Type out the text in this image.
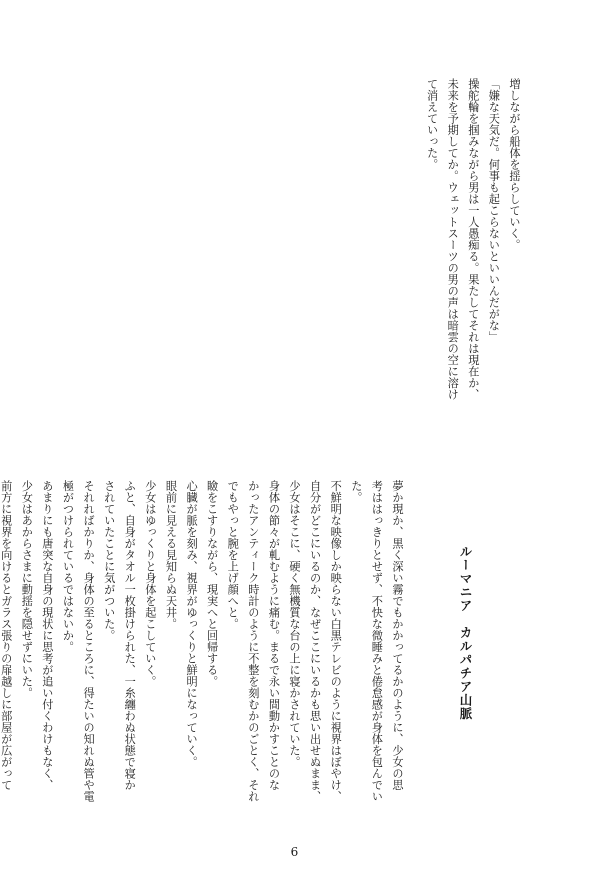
増しながら船体を揺らしていく。
「嫌な天気だ。何事も起こらないといいんだがな」
操舵輪を掴みながら男は一人愚痴る。果たしてそれは現在か、
未来を予期してか。ウェットスーツの男の声は暗雲の空に溶け
て消えていった。
ルーマニア　カルパチア山脈
夢か現か、黒く深い霧でもかかってるかのように、少女の思
考ははっきりとせず、不快な微睡みと倦怠感が身体を包んでい
た。
不鮮明な映像しか映らない白黒テレビのように視界はぼやけ、
自分がどこにいるのか、なぜここにいるかも思い出せぬまま、
少女はそこに、硬く無機質な台の上に寝かされていた。
身体の節々が軋むように痛む。まるで永い間動かすことのな
かったアンティーク時計のように不整を刻むかのごとく、それ
でもやっと腕を上げ顔へと。
瞼をこすりながら、現実へと回帰する。
心臓が脈を刻み、視界がゆっくりと鮮明になっていく。
眼前に見える見知らぬ天井。
少女はゆっくりと身体を起こしていく。
ふと、自身がタオル一枚掛けられた、一糸纏わぬ状態で寝か
されていたことに気がついた。
それればかりか、身体の至るところに、得たいの知れぬ管や電
極がつけられているではないか。
あまりにも唐突な自身の現状に思考が追い付くわけもなく、
少女はあからさまに動揺を隠せずにいた。
前方に視界を向けるとガラス張りの扉越しに部屋が広がって
6
